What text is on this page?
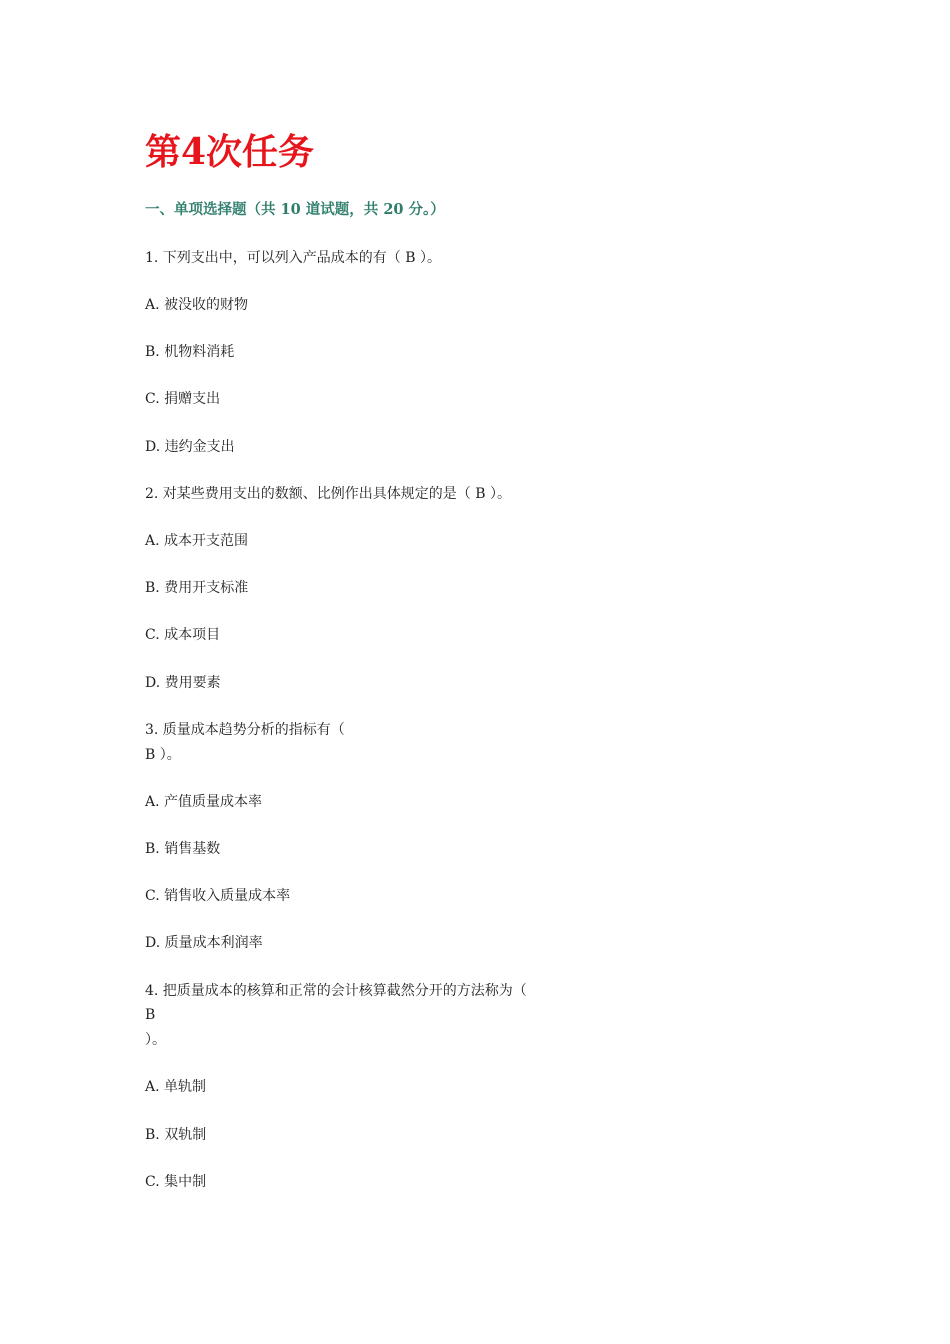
第4次任务
一、单项选择题（共 10 道试题，共 20 分。）

1. 下列支出中，可以列入产品成本的有（ B ）。

A. 被没收的财物

B. 机物料消耗

C. 捐赠支出

D. 违约金支出

2. 对某些费用支出的数额、比例作出具体规定的是（ B ）。

A. 成本开支范围

B. 费用开支标准

C. 成本项目

D. 费用要素

3. 质量成本趋势分析的指标有（

B ）。

A. 产值质量成本率

B. 销售基数

C. 销售收入质量成本率

D. 质量成本利润率

4. 把质量成本的核算和正常的会计核算截然分开的方法称为（

B

）。

A. 单轨制

B. 双轨制

C. 集中制
